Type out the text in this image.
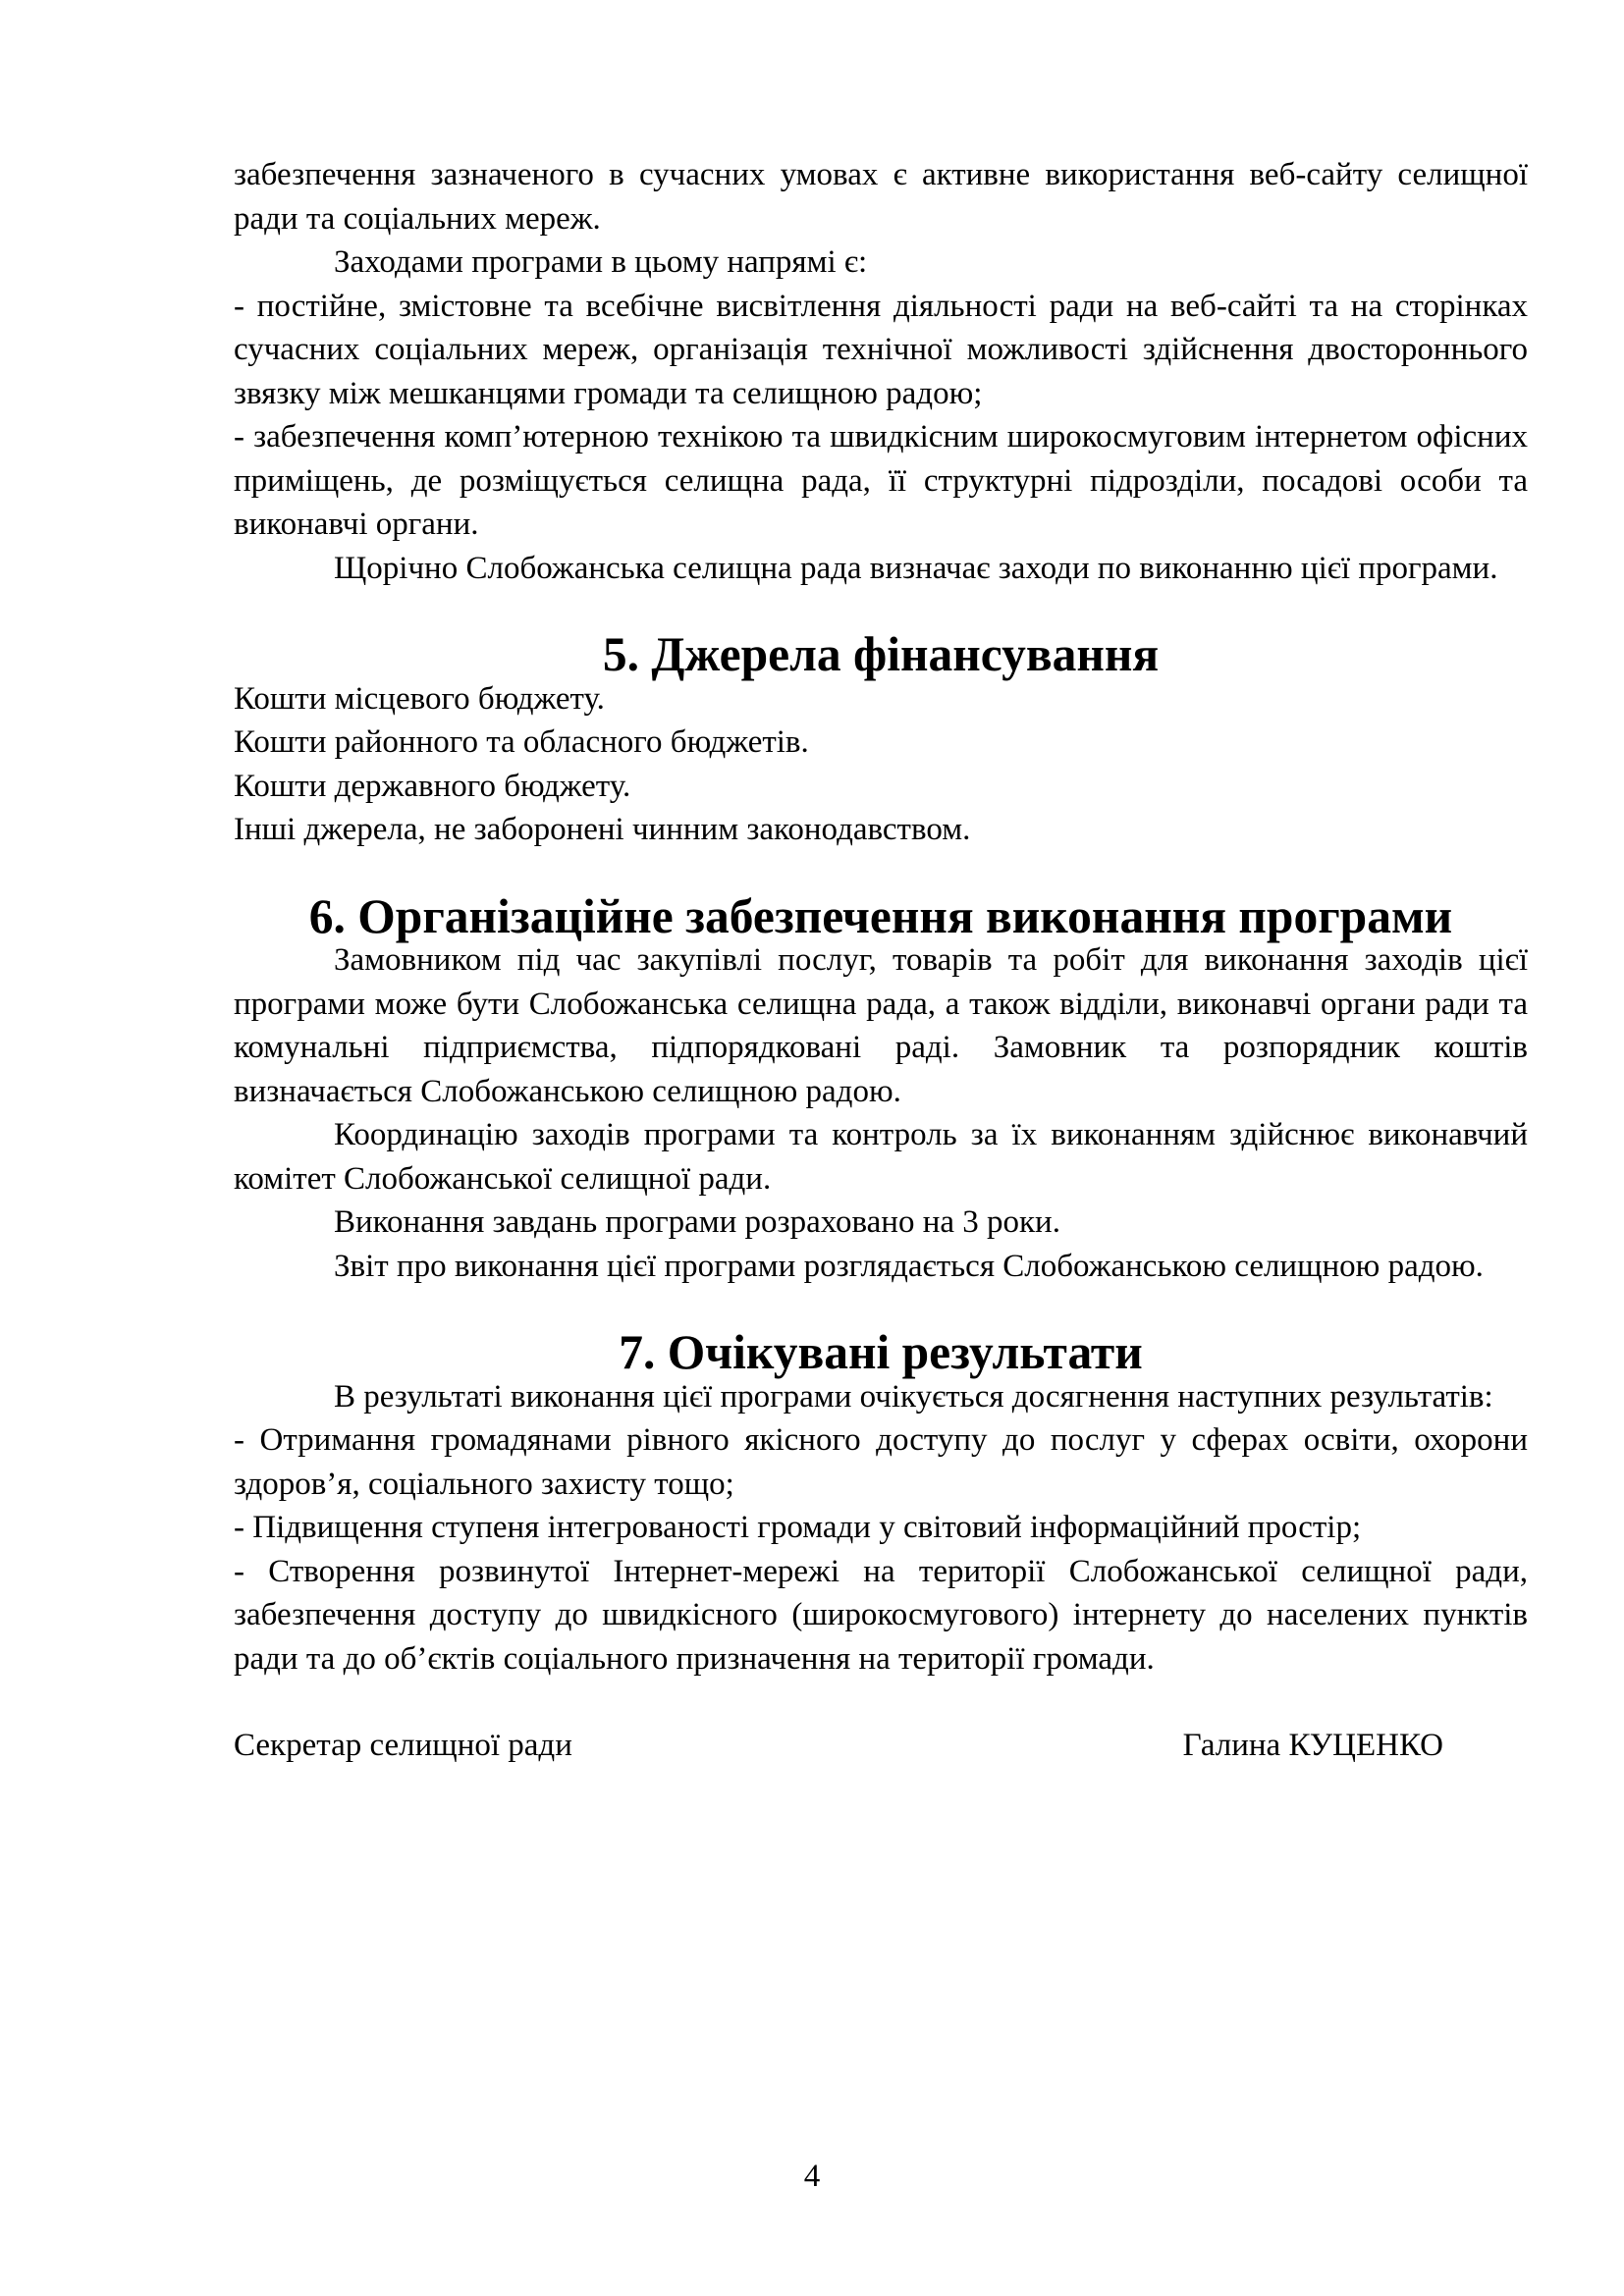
забезпечення зазначеного в сучасних умовах є активне використання веб-сайту селищної ради та соціальних мереж.

Заходами програми в цьому напрямі є:

- постійне, змістовне та всебічне висвітлення діяльності ради на веб-сайті та на сторінках сучасних соціальних мереж, організація технічної можливості здійснення двостороннього звязку між мешканцями громади та селищною радою;

- забезпечення комп’ютерною технікою та швидкісним широкосмуговим інтернетом офісних приміщень, де розміщується селищна рада, її структурні підрозділи, посадові особи та виконавчі органи.

Щорічно Слобожанська селищна рада визначає заходи по виконанню цієї програми.

5. Джерела фінансування

Кошти місцевого бюджету.

Кошти районного та обласного бюджетів.

Кошти державного бюджету.

Інші джерела, не заборонені чинним законодавством.

6. Організаційне забезпечення виконання програми

Замовником під час закупівлі послуг, товарів та робіт для виконання заходів цієї програми може бути Слобожанська селищна рада, а також відділи, виконавчі органи ради та комунальні підприємства, підпорядковані раді. Замовник та розпорядник коштів визначається Слобожанською селищною радою.

Координацію заходів програми та контроль за їх виконанням здійснює виконавчий комітет Слобожанської селищної ради.

Виконання завдань програми розраховано на 3 роки.

Звіт про виконання цієї програми розглядається Слобожанською селищною радою.

7. Очікувані результати

В результаті виконання цієї програми очікується досягнення наступних результатів:

- Отримання громадянами рівного якісного доступу до послуг у сферах освіти, охорони здоров’я, соціального захисту тощо;

- Підвищення ступеня інтегрованості громади у світовий інформаційний простір;

- Створення розвинутої Інтернет-мережі на території Слобожанської селищної ради, забезпечення доступу до швидкісного (широкосмугового) інтернету до населених пунктів ради та до об’єктів соціального призначення на території громади.

Секретар селищної ради	Галина КУЦЕНКО
4
